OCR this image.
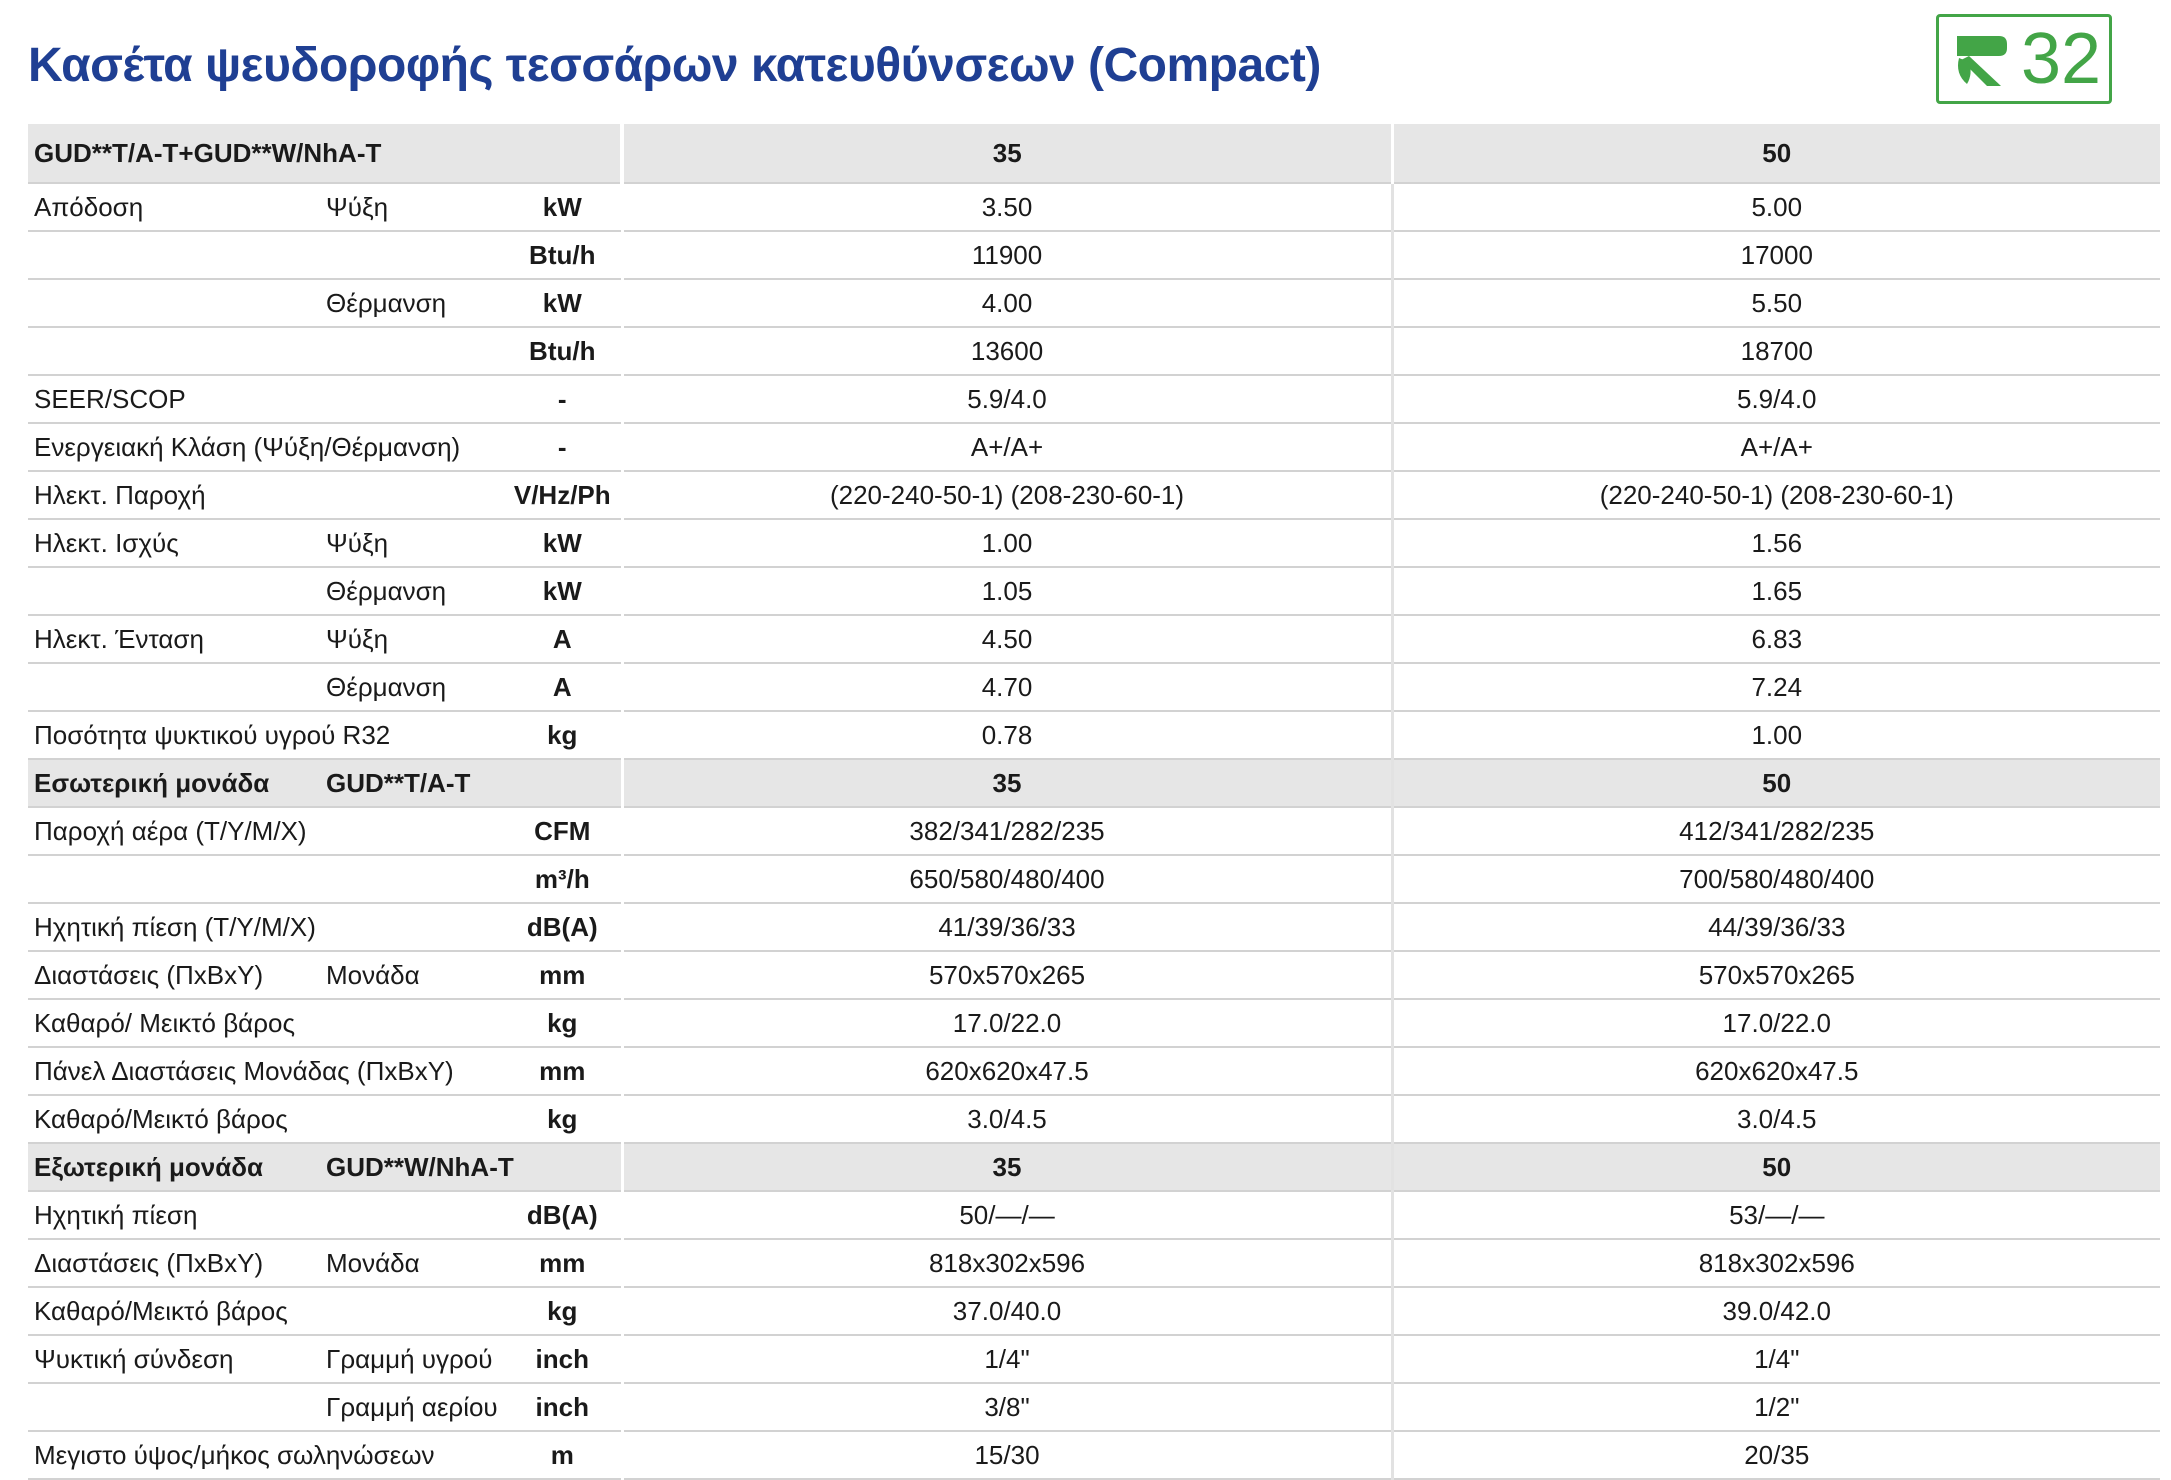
Κασέτα ψευδοροφής τεσσάρων κατευθύνσεων (Compact)	32
GUD**T/A-T+GUD**W/NhA-T			35	50
Απόδοση	Ψύξη	kW	3.50	5.00
		Btu/h	11900	17000
	Θέρμανση	kW	4.00	5.50
		Btu/h	13600	18700
SEER/SCOP		-	5.9/4.0	5.9/4.0
Ενεργειακή Κλάση (Ψύξη/Θέρμανση)		-	A+/A+	A+/A+
Ηλεκτ. Παροχή		V/Hz/Ph	(220-240-50-1) (208-230-60-1)	(220-240-50-1) (208-230-60-1)
Ηλεκτ. Ισχύς	Ψύξη	kW	1.00	1.56
	Θέρμανση	kW	1.05	1.65
Ηλεκτ. Ένταση	Ψύξη	A	4.50	6.83
	Θέρμανση	A	4.70	7.24
Ποσότητα ψυκτικού υγρού R32		kg	0.78	1.00
Εσωτερική μονάδα	GUD**T/A-T		35	50
Παροχή αέρα (Τ/Υ/Μ/Χ)		CFM	382/341/282/235	412/341/282/235
		m³/h	650/580/480/400	700/580/480/400
Ηχητική πίεση (Τ/Υ/Μ/Χ)		dB(A)	41/39/36/33	44/39/36/33
Διαστάσεις (ΠxΒxΥ)	Μονάδα	mm	570x570x265	570x570x265
Καθαρό/ Μεικτό βάρος		kg	17.0/22.0	17.0/22.0
Πάνελ Διαστάσεις Μονάδας (ΠxΒxΥ)		mm	620x620x47.5	620x620x47.5
Καθαρό/Μεικτό βάρος		kg	3.0/4.5	3.0/4.5
Εξωτερική μονάδα	GUD**W/NhA-T		35	50
Ηχητική πίεση		dB(A)	50/—/—	53/—/—
Διαστάσεις (ΠxΒxΥ)	Μονάδα	mm	818x302x596	818x302x596
Καθαρό/Μεικτό βάρος		kg	37.0/40.0	39.0/42.0
Ψυκτική σύνδεση	Γραμμή υγρού	inch	1/4"	1/4"
	Γραμμή αερίου	inch	3/8"	1/2"
Μεγιστο ύψος/μήκος σωληνώσεων		m	15/30	20/35
